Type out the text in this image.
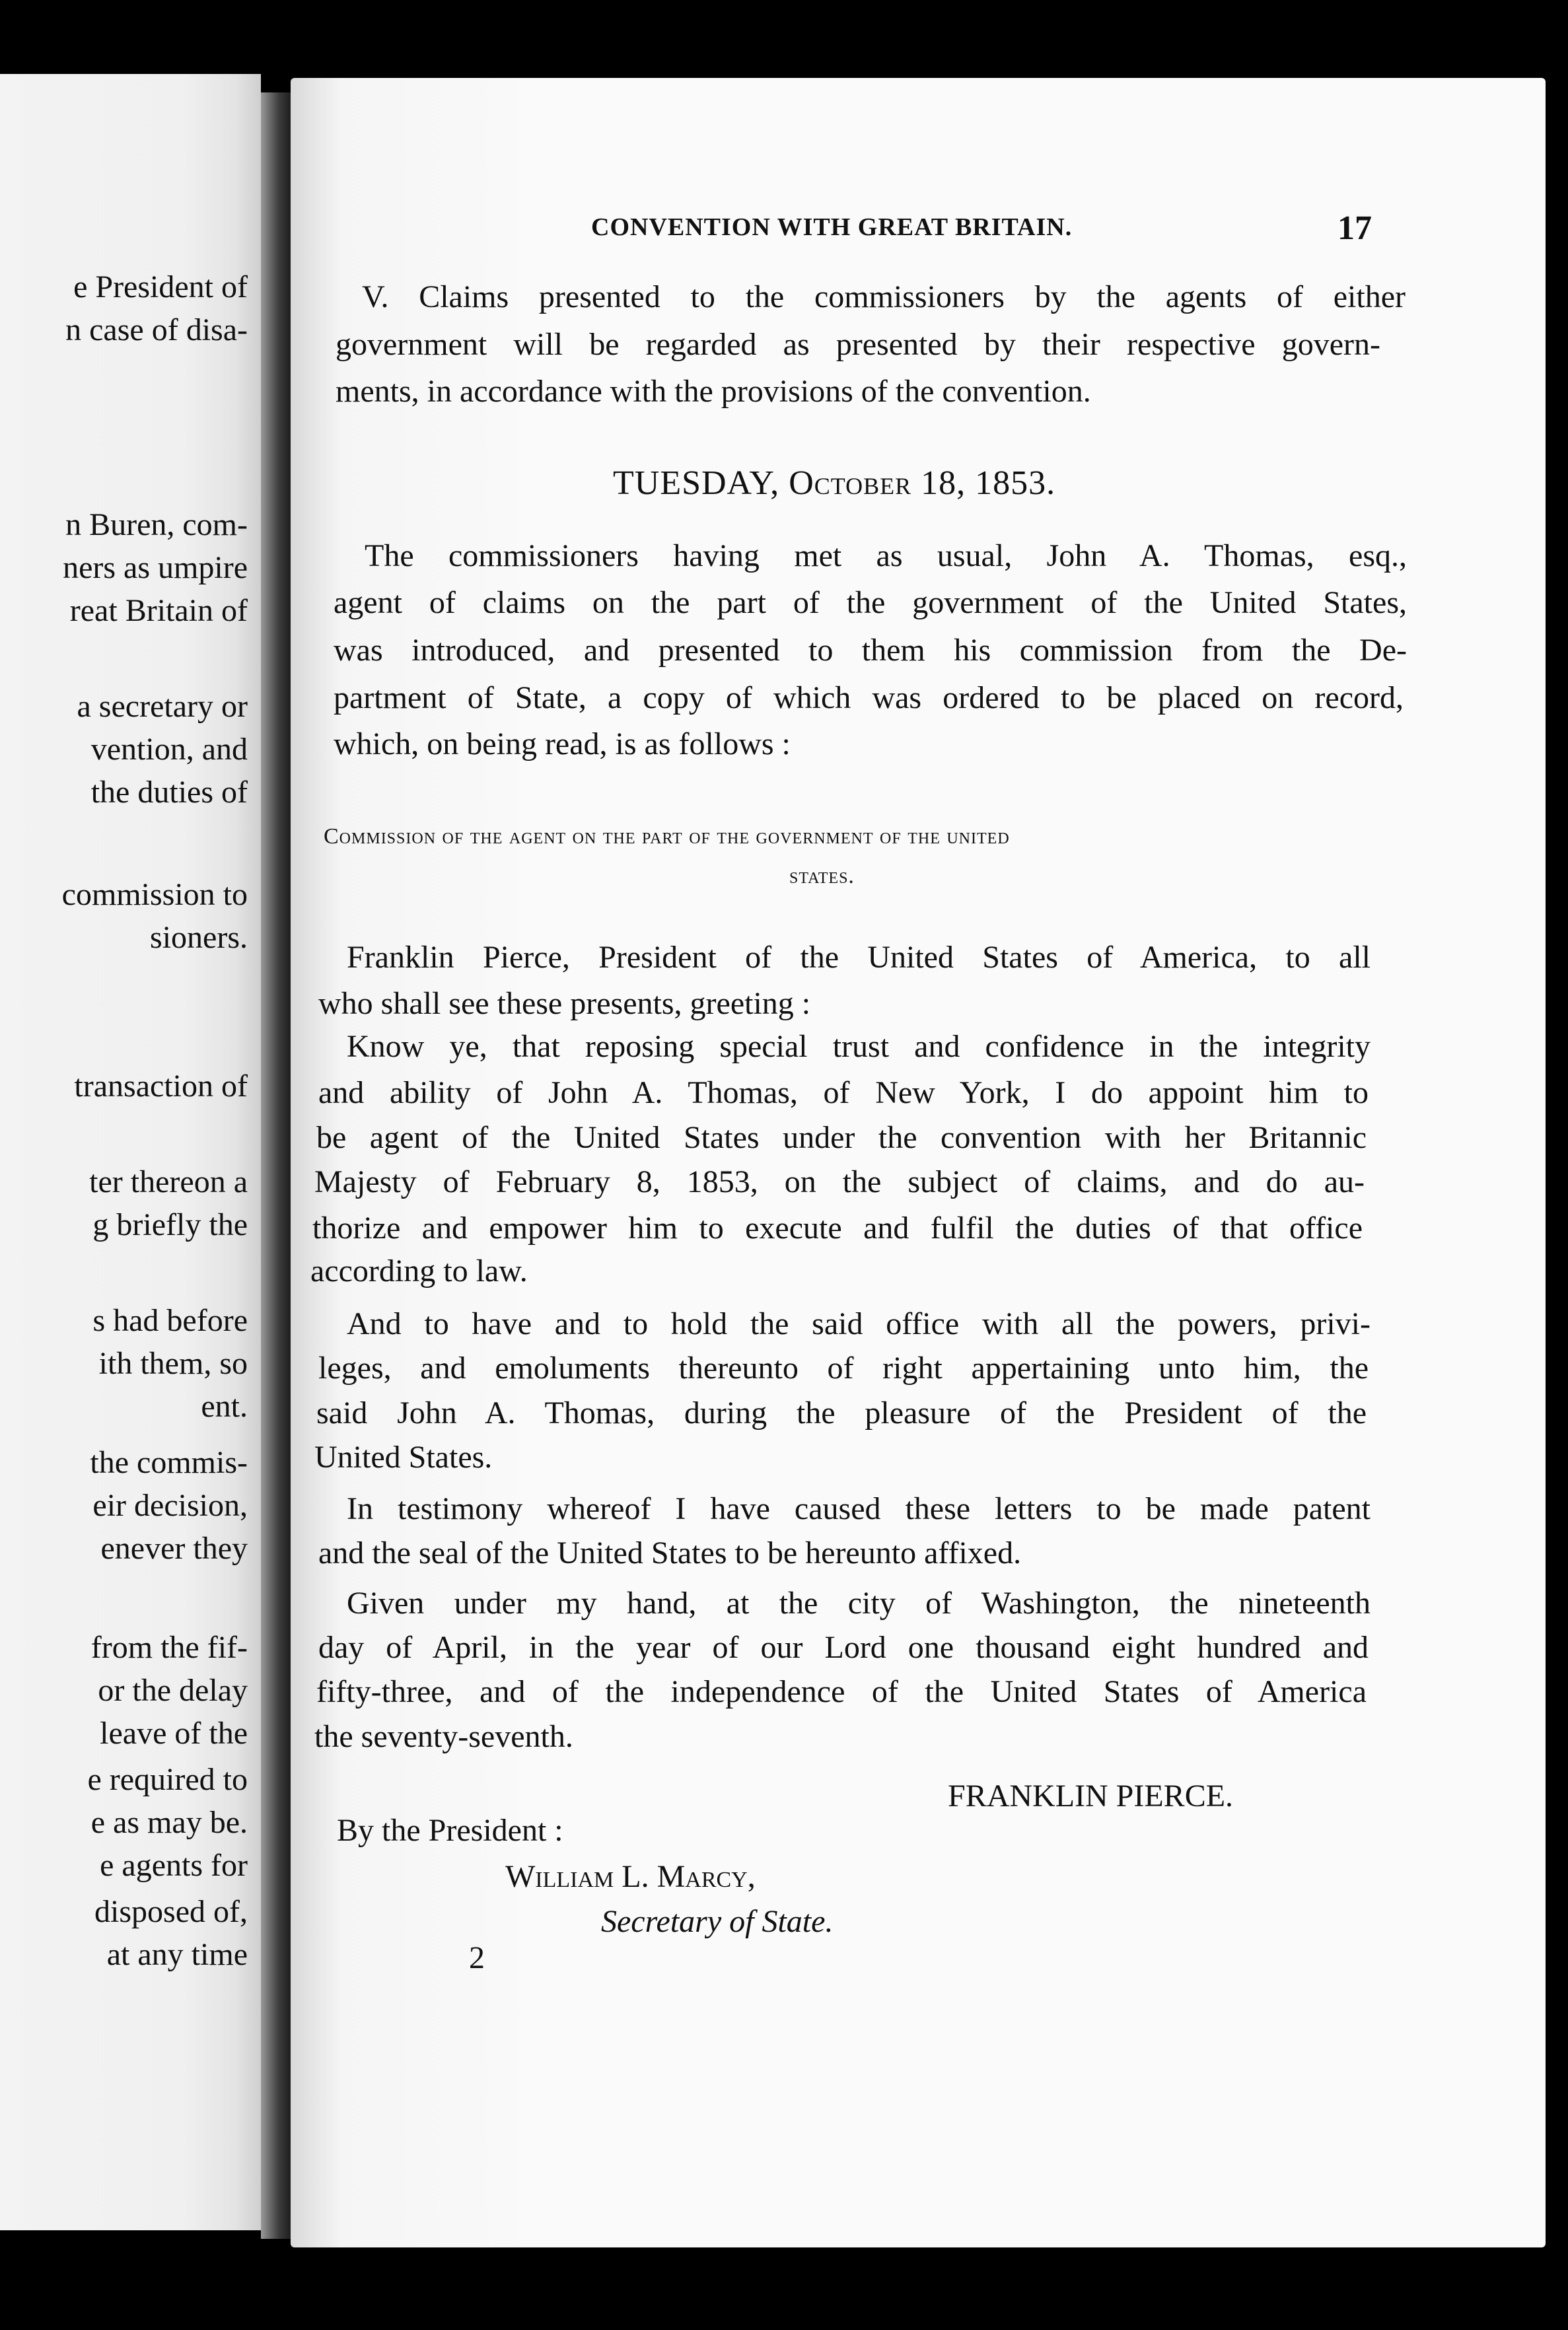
e President of
n case of disa-
n Buren, com-
ners as umpire
reat Britain of
a secretary or
vention, and
the duties of
commission to
sioners.
transaction of
ter thereon a
g briefly the
s had before
ith them, so
ent.
the commis-
eir decision,
enever they
from the fif-
or the delay
leave of the
e required to
e as may be.
e agents for
disposed of,
at any time
CONVENTION WITH GREAT BRITAIN.	17
V. Claims presented to the commissioners by the agents of either
government will be regarded as presented by their respective govern-
ments, in accordance with the provisions of the convention.
TUESDAY, October 18, 1853.
The commissioners having met as usual, John A. Thomas, esq.,
agent of claims on the part of the government of the United States,
was introduced, and presented to them his commission from the De-
partment of State, a copy of which was ordered to be placed on record,
which, on being read, is as follows :
Commission of the agent on the part of the government of the united
states.
Franklin Pierce, President of the United States of America, to all
who shall see these presents, greeting :
Know ye, that reposing special trust and confidence in the integrity
and ability of John A. Thomas, of New York, I do appoint him to
be agent of the United States under the convention with her Britannic
Majesty of February 8, 1853, on the subject of claims, and do au-
thorize and empower him to execute and fulfil the duties of that office
according to law.
And to have and to hold the said office with all the powers, privi-
leges, and emoluments thereunto of right appertaining unto him, the
said John A. Thomas, during the pleasure of the President of the
United States.
In testimony whereof I have caused these letters to be made patent
and the seal of the United States to be hereunto affixed.
Given under my hand, at the city of Washington, the nineteenth
day of April, in the year of our Lord one thousand eight hundred and
fifty-three, and of the independence of the United States of America
the seventy-seventh.
FRANKLIN PIERCE.
By the President :
William L. Marcy,
Secretary of State.
2
